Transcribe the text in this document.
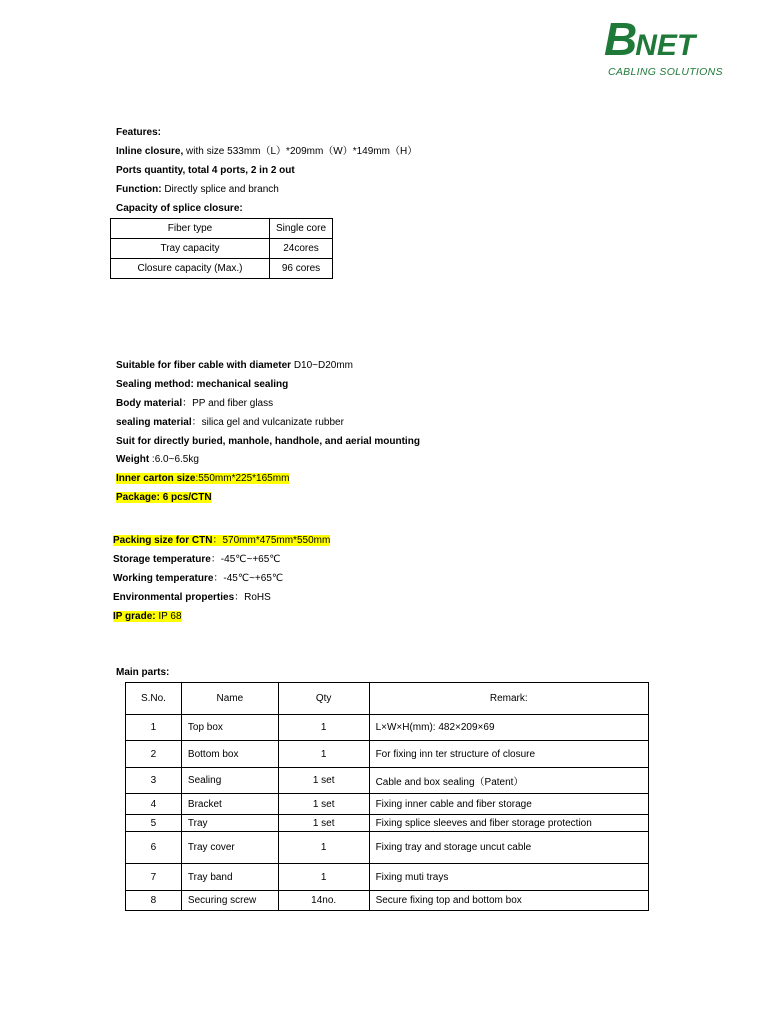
BNET
CABLING SOLUTIONS
Features:
Inline closure, with size 533mm（L）*209mm（W）*149mm（H）
Ports quantity, total 4 ports, 2 in 2 out
Function: Directly splice and branch
Capacity of splice closure:
Fiber type	Single core
Tray capacity	24cores
Closure capacity (Max.)	96 cores
Suitable for fiber cable with diameter D10~D20mm
Sealing method: mechanical sealing
Body material：PP and fiber glass
sealing material：silica gel and vulcanizate rubber
Suit for directly buried, manhole, handhole, and aerial mounting
Weight :6.0~6.5kg
Inner carton size:550mm*225*165mm
Package: 6 pcs/CTN
Packing size for CTN：570mm*475mm*550mm
Storage temperature：-45℃~+65℃
Working temperature：-45℃~+65℃
Environmental properties：RoHS
IP grade: IP 68
Main parts:
S.No.	Name	Qty	Remark:
1	Top box	1	L×W×H(mm): 482×209×69
2	Bottom box	1	For fixing inn ter structure of closure
3	Sealing	1 set	Cable and box sealing（Patent）
4	Bracket	1 set	Fixing inner cable and fiber storage
5	Tray	1 set	Fixing splice sleeves and fiber storage protection
6	Tray cover	1	Fixing tray and storage uncut cable
7	Tray band	1	Fixing muti trays
8	Securing screw	14no.	Secure fixing top and bottom box
